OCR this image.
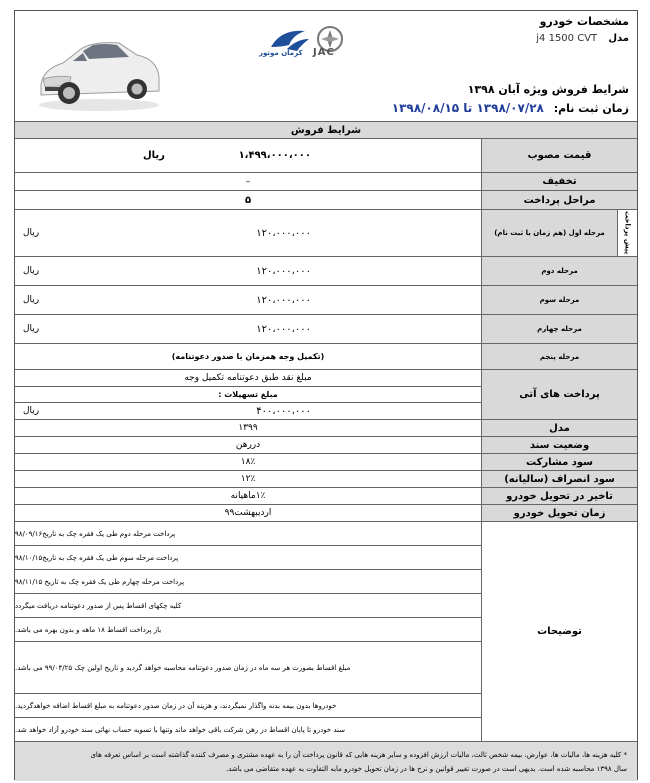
مشخصات خودرو
مدل j4 1500 CVT
شرایط فروش ویژه آبان ۱۳۹۸
زمان ثبت نام: ۱۳۹۸/۰۷/۲۸ تا ۱۳۹۸/۰۸/۱۵
JAC
کرمان موتور
شرایط فروش
قیمت مصوب
۱،۴۹۹،۰۰۰،۰۰۰
ریال
تخفیف
–
مراحل پرداخت
۵
پیش پرداخت
مرحله اول (هم زمان با ثبت نام)
۱۲۰،۰۰۰،۰۰۰
ریال
مرحله دوم
۱۲۰،۰۰۰،۰۰۰
ریال
مرحله سوم
۱۲۰،۰۰۰،۰۰۰
ریال
مرحله چهارم
۱۲۰،۰۰۰،۰۰۰
ریال
مرحله پنجم
(تکمیل وجه همزمان با صدور دعوتنامه)
پرداخت های آتی
مبلغ نقد طبق دعوتنامه تکمیل وجه
مبلغ تسهیلات :
۴۰۰،۰۰۰،۰۰۰
ریال
مدل
۱۳۹۹
وضعیت سند
دررهن
سود مشارکت
۱۸٪
سود انصراف (سالیانه)
۱۲٪
تاخیر در تحویل خودرو
۱٪ماهیانه
زمان تحویل خودرو
اردیبهشت۹۹
توضیحات
پرداخت مرحله دوم طی یک فقره چک به تاریخ۹۸/۰۹/۱۶
پرداخت مرحله سوم طی یک فقره چک به تاریخ۹۸/۱۰/۱۵
پرداخت مرحله چهارم طی یک فقره چک به تاریخ ۹۸/۱۱/۱۵
کلیه چکهای اقساط پس از صدور دعوتنامه دریافت میگردد
باز پرداخت اقساط ۱۸ ماهه و بدون بهره می باشد.
مبلغ اقساط بصورت هر سه ماه در زمان صدور دعوتنامه محاسبه خواهد گردید و تاریخ اولین چک ۹۹/۰۴/۲۵ می باشد.
خودروها بدون بیمه بدنه واگذار نمیگردند، و هزینه آن در زمان صدور دعوتنامه به مبلغ اقساط اضافه خواهدگردید.
سند خودرو تا پایان اقساط در رهن شرکت باقی خواهد ماند وتنها با تسویه حساب نهائی سند خودرو آزاد خواهد شد.
* کلیه هزینه ها، مالیات ها، عوارض، بیمه شخص ثالث، مالیات ارزش افزوده و سایر هزینه هایی که قانون پرداخت آن را به عهده مشتری و مصرف کننده گذاشته است بر اساس تعرفه های
سال ۱۳۹۸ محاسبه شده است. بدیهی است در صورت تغییر قوانین و نرخ ها در زمان تحویل خودرو مابه التفاوت به عهده متقاضی می باشد.
